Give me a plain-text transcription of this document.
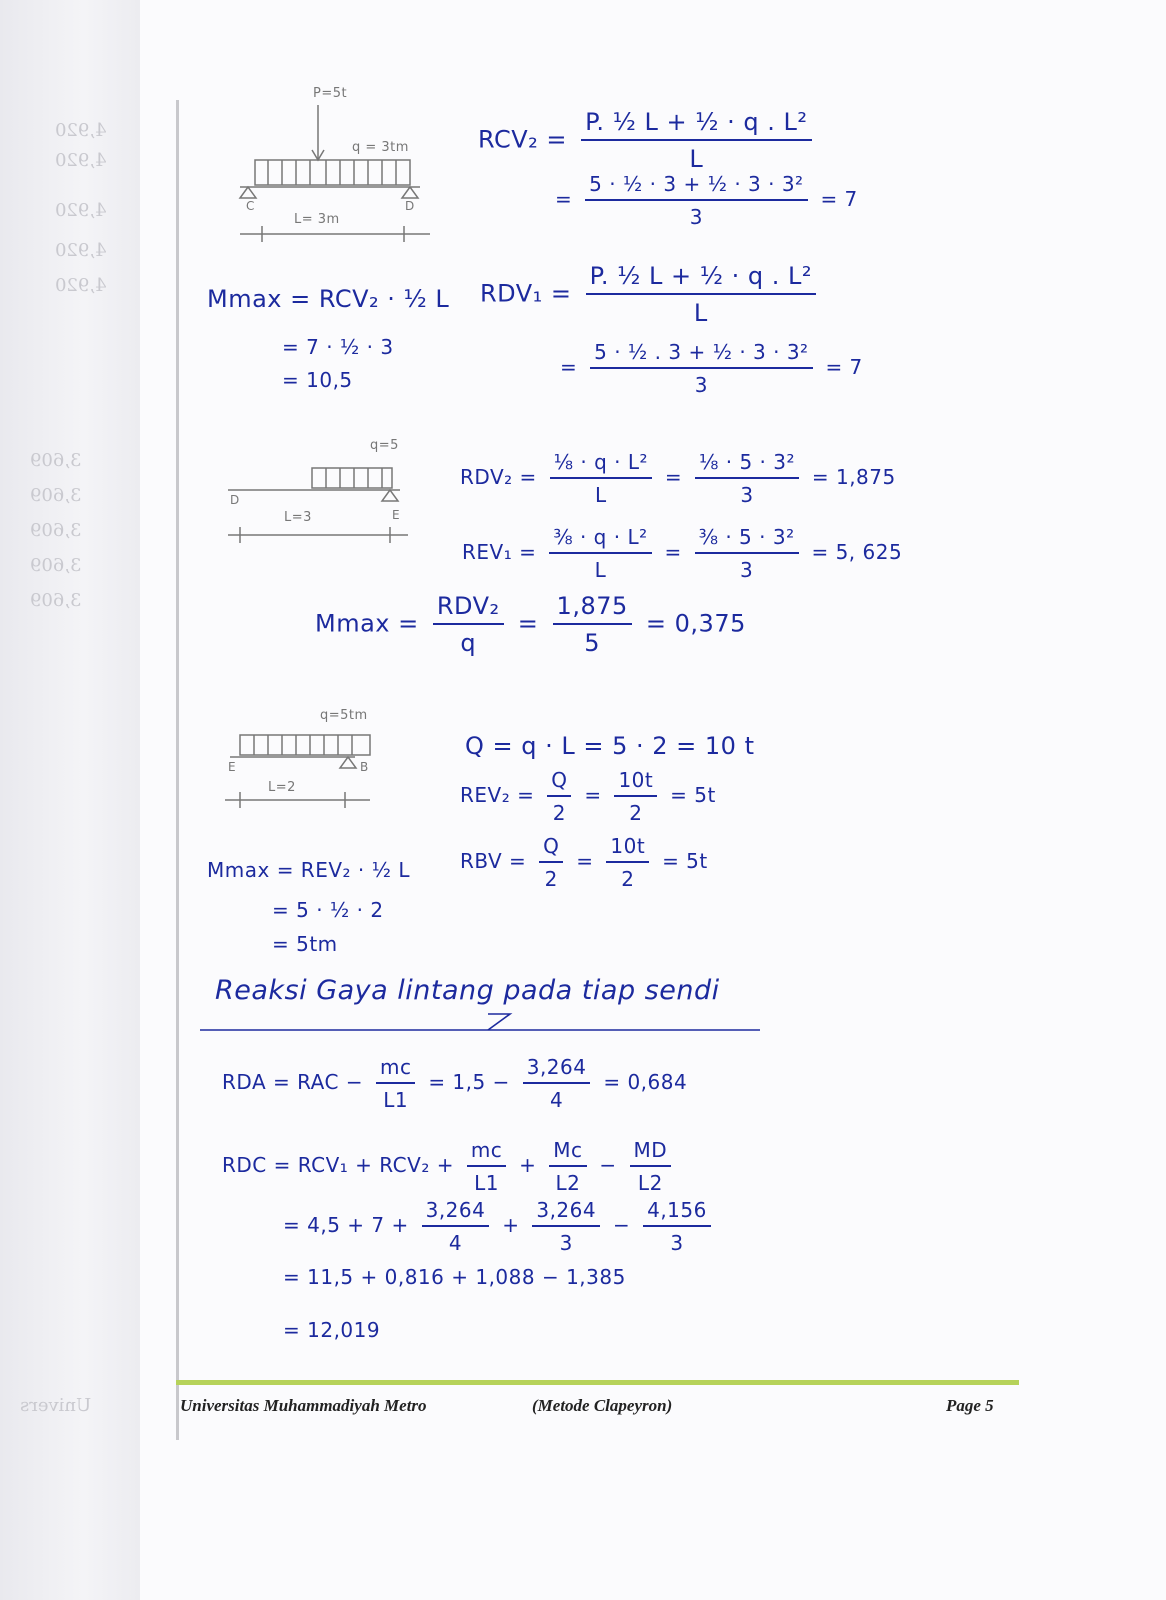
4,920
4,920
4,920
4,920
4,920
3,609
3,609
3,609
3,609
3,609
Univers
P=5t
q = 3tm
C	D
L= 3m
q=5
D
E
L=3
q=5tm
E	B
L=2
$RCV_2 = \frac{\text{P. ½ L + ½ · q . L²}}{L}$
= $\frac{\text{5 · ½ · 3 + ½ · 3 · 3²}}{3} = 7$
Mmax = RCV₂ · ½ L
= 7 · ½ · 3
= 10,5
$RDV_1 = \frac{\text{P. ½ L + ½ · q . L²}}{L}$
= $\frac{\text{5 · ½ . 3 + ½ · 3 · 3²}}{3} = 7$
$RDV_2 = \frac{\text{⅛ · q · L²}}{L} = \frac{\text{⅛ · 5 · 3²}}{3} = 1,875$
$REV_1 = \frac{\text{⅜ · q · L²}}{L} = \frac{\text{⅜ · 5 · 3²}}{3} = 5$, 625
$Mmax = \frac{\text{RDV₂}}{q} = \frac{1,875}{5} = 0,375$
Q = q · L = 5 · 2 = 10 t
$REV_2 = \frac{Q}{2} = \frac{10t}{2} = 5t$
RBV = $\frac{Q}{2} = \frac{10t}{2} = 5t$
Mmax = REV₂ · ½ L
= 5 · ½ · 2
= 5tm
Reaksi Gaya lintang pada tiap sendi
RDA = RAC − $\frac{mc}{L1} = 1,5 - \frac{3,264}{4} = 0,684$
RDC = $RCV_1 + RCV_2 + \frac{mc}{L1} + \frac{Mc}{L2} - \frac{MD}{L2}$
= $4,5 + 7 + \frac{3,264}{4} + \frac{3,264}{3} - \frac{4,156}{3}$
= 11,5 + 0,816 + 1,088 − 1,385
= 12,019
Universitas Muhammadiyah Metro	(Metode Clapeyron)	Page 5
